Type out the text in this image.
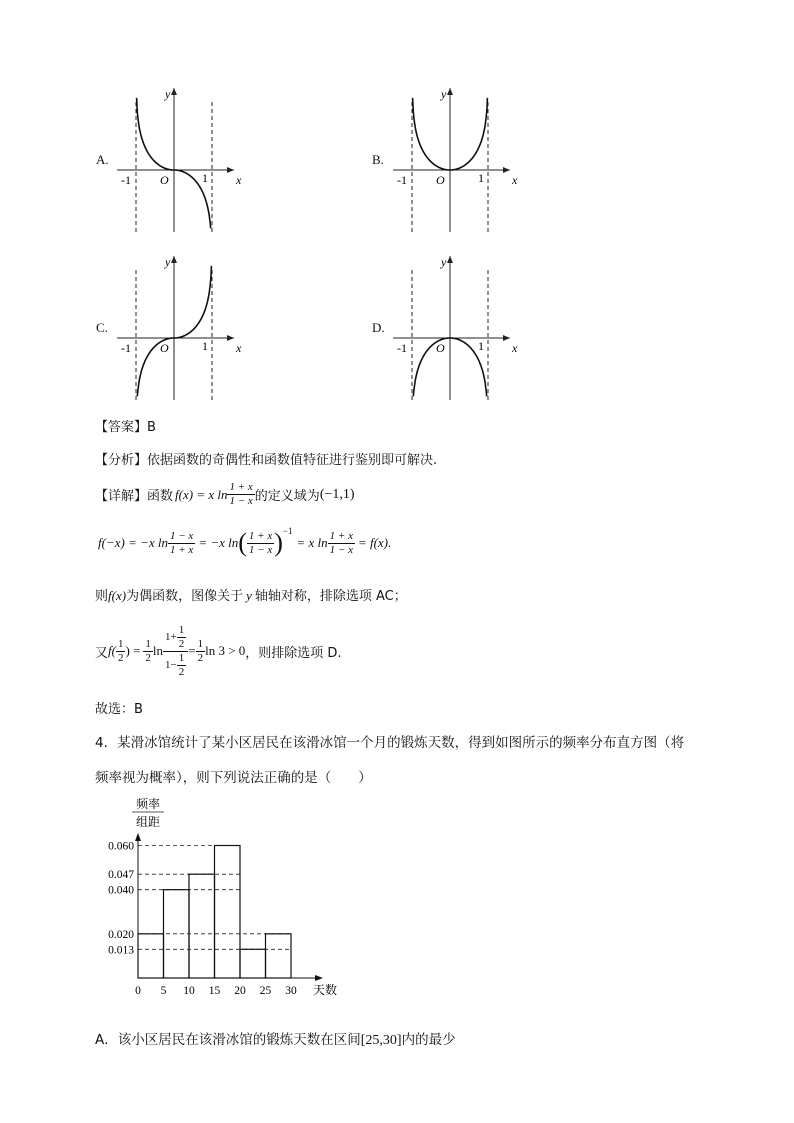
A.	B.
C.	D.
y
x
O
-1	1
y
x
O
-1	1
y
x
O
-1	1
y
x
O
-1	1
【答案】B
【分析】依据函数的奇偶性和函数值特征进行鉴别即可解决.
【详解】 函数 f(x) = x $\ln \frac{1 + x}{1 - x}$ 的定义域为 (−1,1)
f(−x) = −x $\ln \frac{1 - x}{1 + x} = -x$ ln ( $\frac{1 + x}{1 - x}$ ) −1
= x $\ln \frac{1 + x}{1 - x} = f(x)$.
则f(x)为偶函数，图像关于 y 轴轴对称，排除选项 AC；
又 $f( \frac{1}{2}$ ) = $\frac{1}{2}$ $\ln \frac{1+ \frac{1}{2}}{1- \frac{1}{2}} = \frac{1}{2}$ ln 3 > 0 ，则排除选项 D.
故选：B
4．某滑冰馆统计了某小区居民在该滑冰馆一个月的锻炼天数，得到如图所示的频率分布直方图（将
频率视为概率），则下列说法正确的是（　　）
频率
组距
0.060
0.047
0.040
0.020
0.013
0 5 10 15 20 25 30 天数
A．该小区居民在该滑冰馆的锻炼天数在区间[25,30]内的最少
